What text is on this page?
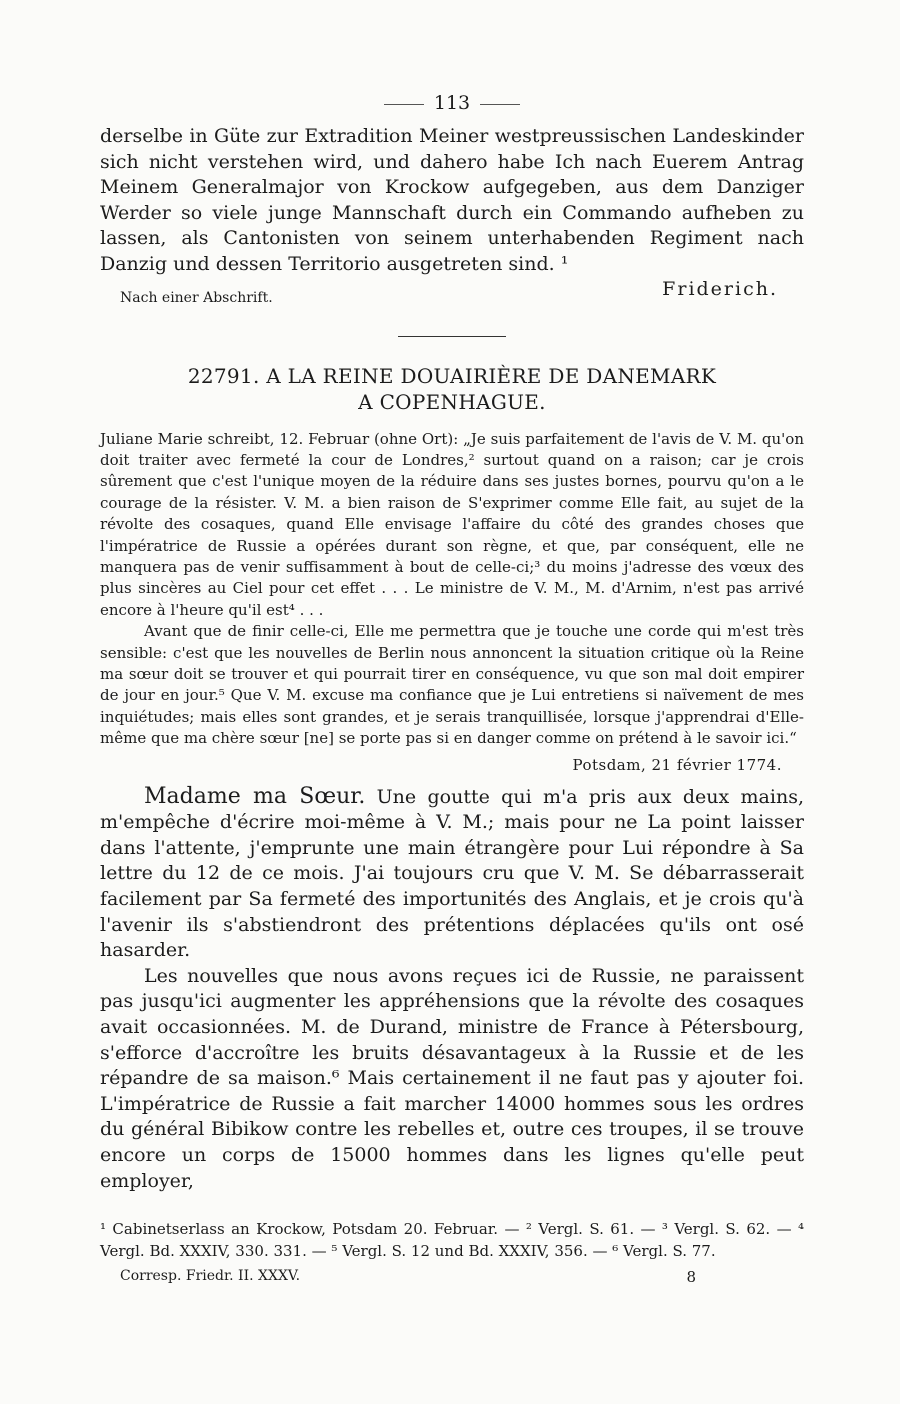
113

derselbe in Güte zur Extradition Meiner westpreussischen Landeskinder sich nicht verstehen wird, und dahero habe Ich nach Euerem Antrag Meinem Generalmajor von Krockow aufgegeben, aus dem Danziger Werder so viele junge Mannschaft durch ein Commando aufheben zu lassen, als Cantonisten von seinem unterhabenden Regiment nach Danzig und dessen Territorio ausgetreten sind. ¹

Nach einer Abschrift.	Friderich.
22791. A LA REINE DOUAIRIÈRE DE DANEMARK
A COPENHAGUE.

Juliane Marie schreibt, 12. Februar (ohne Ort): „Je suis parfaitement de l'avis de V. M. qu'on doit traiter avec fermeté la cour de Londres,² surtout quand on a raison; car je crois sûrement que c'est l'unique moyen de la réduire dans ses justes bornes, pourvu qu'on a le courage de la résister. V. M. a bien raison de S'exprimer comme Elle fait, au sujet de la révolte des cosaques, quand Elle envisage l'affaire du côté des grandes choses que l'impératrice de Russie a opérées durant son règne, et que, par conséquent, elle ne manquera pas de venir suffisamment à bout de celle-ci;³ du moins j'adresse des vœux des plus sincères au Ciel pour cet effet . . . Le ministre de V. M., M. d'Arnim, n'est pas arrivé encore à l'heure qu'il est⁴ . . .

Avant que de finir celle-ci, Elle me permettra que je touche une corde qui m'est très sensible: c'est que les nouvelles de Berlin nous annoncent la situation critique où la Reine ma sœur doit se trouver et qui pourrait tirer en conséquence, vu que son mal doit empirer de jour en jour.⁵ Que V. M. excuse ma confiance que je Lui entretiens si naïvement de mes inquiétudes; mais elles sont grandes, et je serais tranquillisée, lorsque j'apprendrai d'Elle-même que ma chère sœur [ne] se porte pas si en danger comme on prétend à le savoir ici.“

Potsdam, 21 février 1774.

Madame ma Sœur. Une goutte qui m'a pris aux deux mains, m'empêche d'écrire moi-même à V. M.; mais pour ne La point laisser dans l'attente, j'emprunte une main étrangère pour Lui répondre à Sa lettre du 12 de ce mois. J'ai toujours cru que V. M. Se débarrasserait facilement par Sa fermeté des importunités des Anglais, et je crois qu'à l'avenir ils s'abstiendront des prétentions déplacées qu'ils ont osé hasarder.

Les nouvelles que nous avons reçues ici de Russie, ne paraissent pas jusqu'ici augmenter les appréhensions que la révolte des cosaques avait occasionnées. M. de Durand, ministre de France à Pétersbourg, s'efforce d'accroître les bruits désavantageux à la Russie et de les répandre de sa maison.⁶ Mais certainement il ne faut pas y ajouter foi. L'impératrice de Russie a fait marcher 14000 hommes sous les ordres du général Bibikow contre les rebelles et, outre ces troupes, il se trouve encore un corps de 15000 hommes dans les lignes qu'elle peut employer,

¹ Cabinetserlass an Krockow, Potsdam 20. Februar. — ² Vergl. S. 61. — ³ Vergl. S. 62. — ⁴ Vergl. Bd. XXXIV, 330. 331. — ⁵ Vergl. S. 12 und Bd. XXXIV, 356. — ⁶ Vergl. S. 77.

Corresp. Friedr. II. XXXV.	8
